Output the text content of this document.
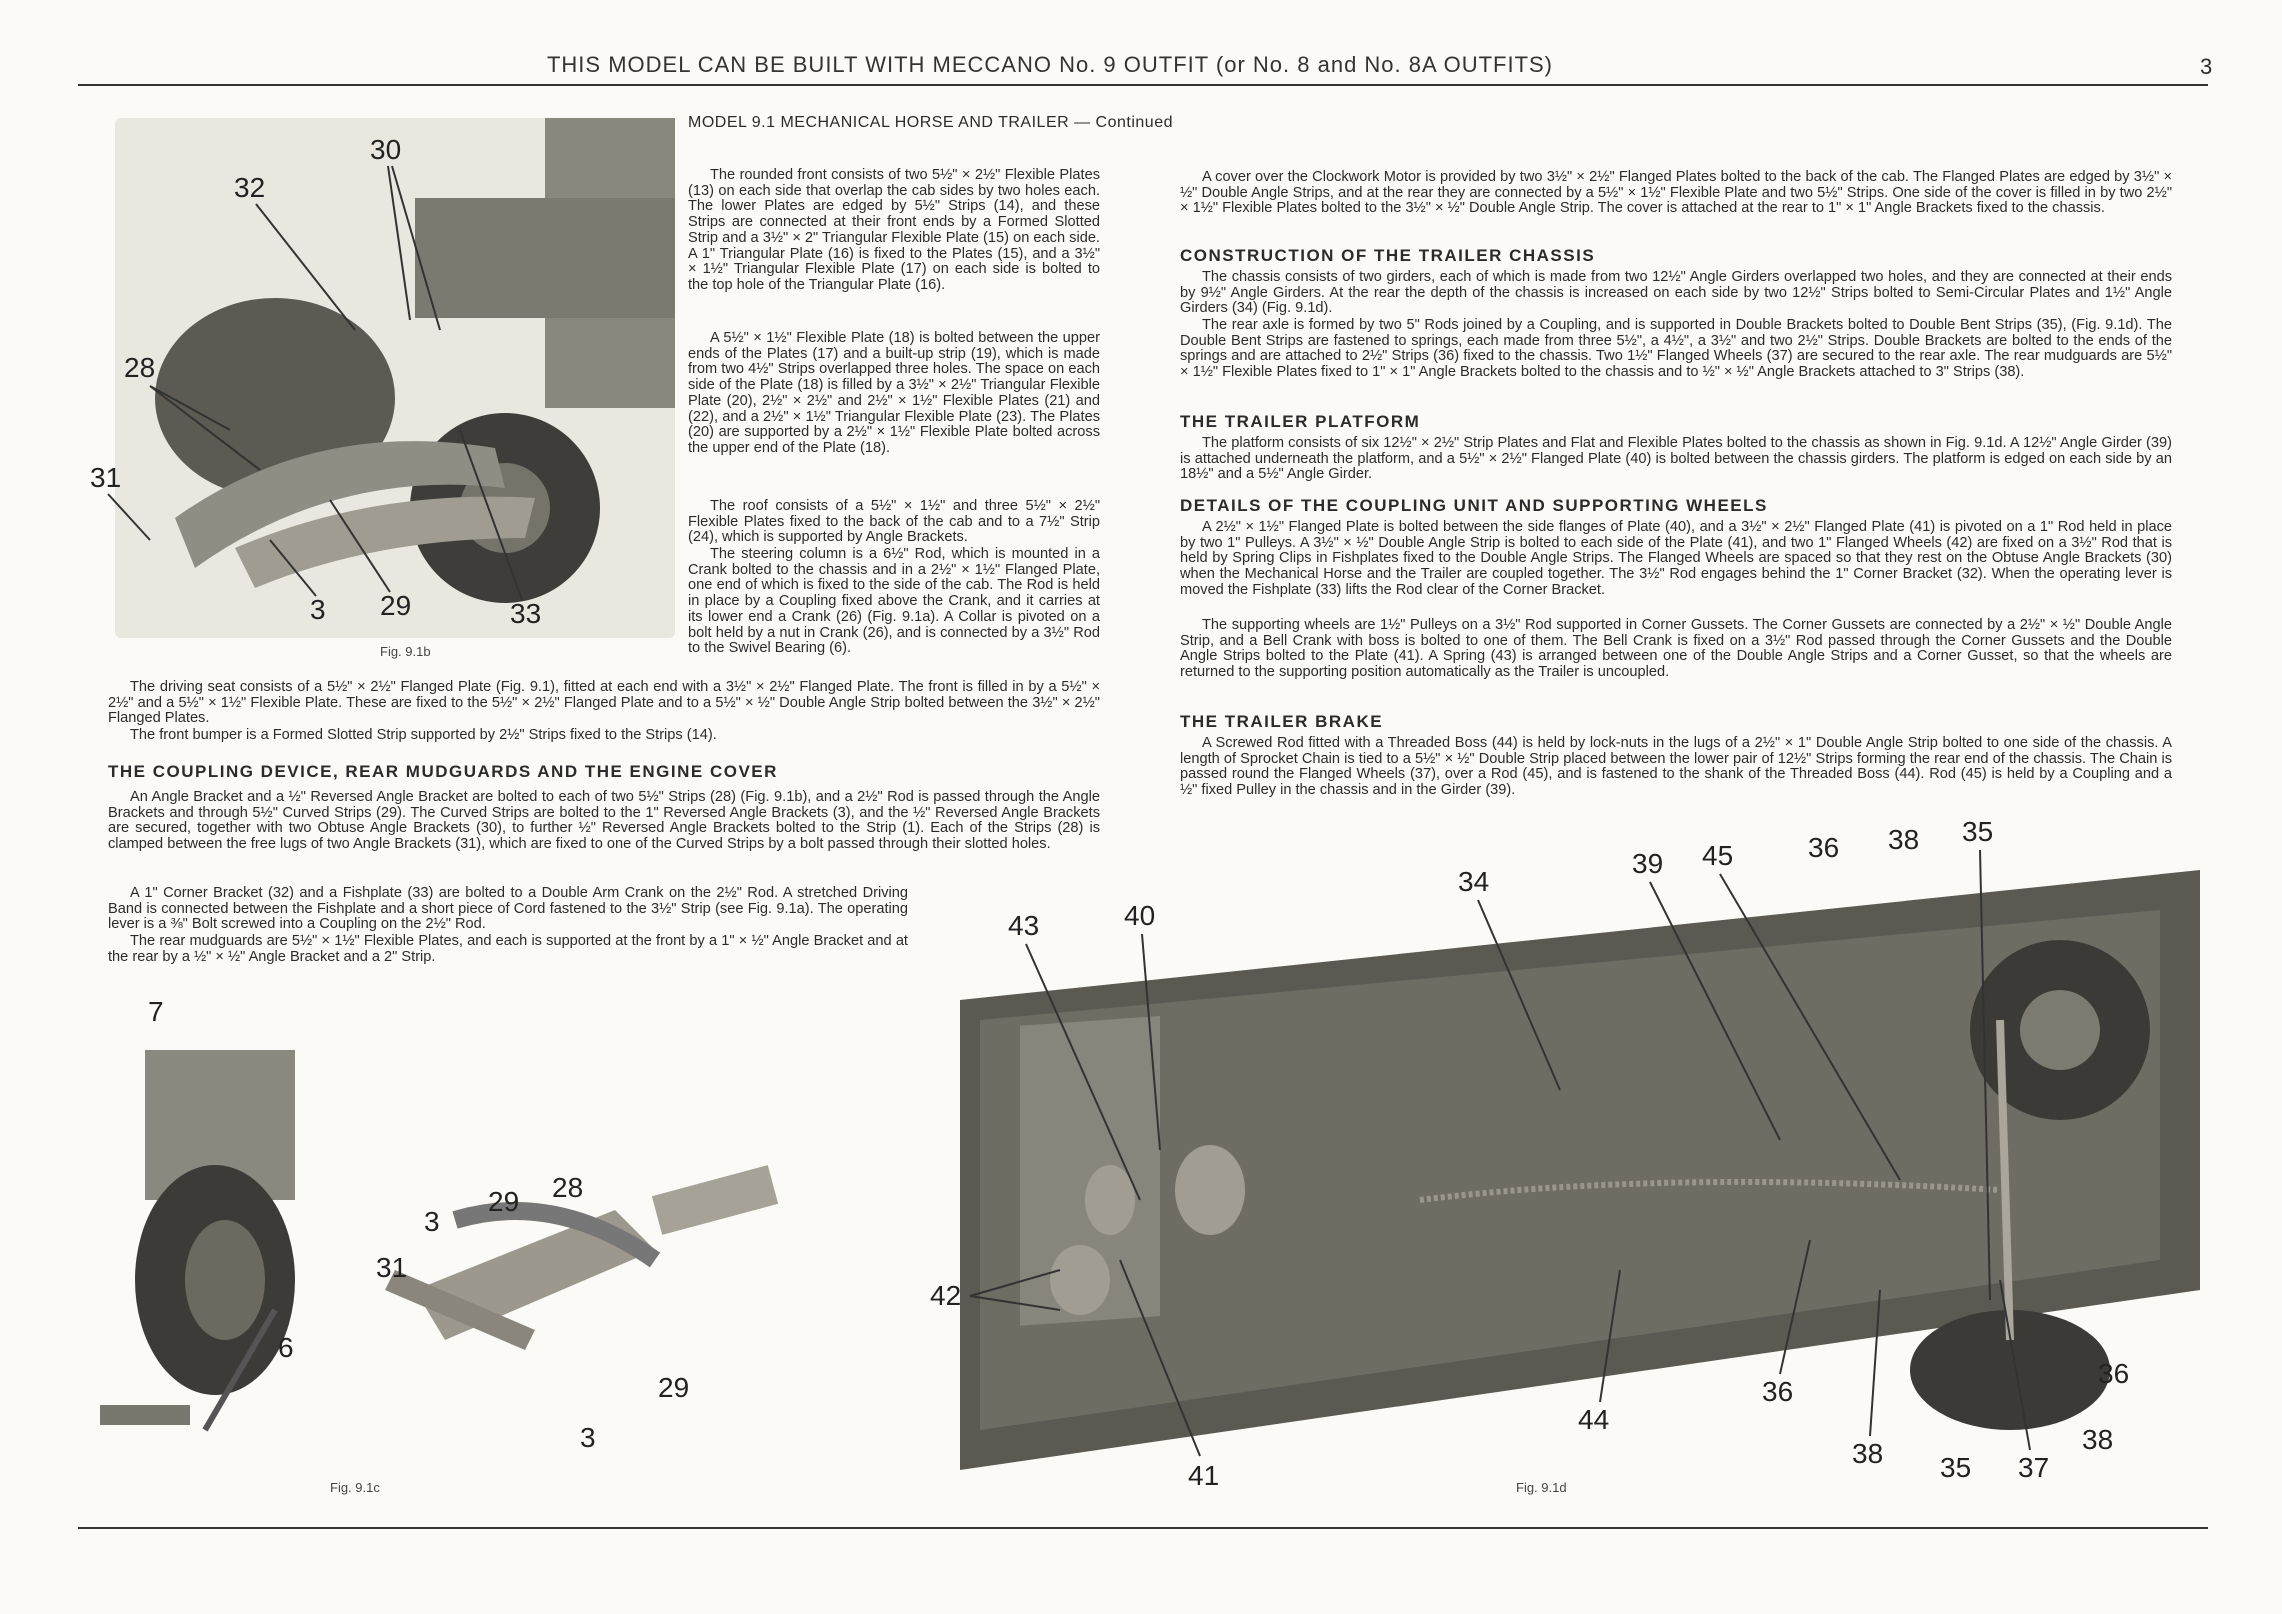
THIS MODEL CAN BE BUILT WITH MECCANO No. 9 OUTFIT (or No. 8 and No. 8A OUTFITS)	3
30
32
28
31
3 29	33
Fig. 9.1b
MODEL 9.1 MECHANICAL HORSE AND TRAILER — Continued

The rounded front consists of two 5½" × 2½" Flexible Plates (13) on each side that overlap the cab sides by two holes each. The lower Plates are edged by 5½" Strips (14), and these Strips are connected at their front ends by a Formed Slotted Strip and a 3½" × 2" Triangular Flexible Plate (15) on each side. A 1" Triangular Plate (16) is fixed to the Plates (15), and a 3½" × 1½" Triangular Flexible Plate (17) on each side is bolted to the top hole of the Triangular Plate (16).

A 5½" × 1½" Flexible Plate (18) is bolted between the upper ends of the Plates (17) and a built-up strip (19), which is made from two 4½" Strips overlapped three holes. The space on each side of the Plate (18) is filled by a 3½" × 2½" Triangular Flexible Plate (20), 2½" × 2½" and 2½" × 1½" Flexible Plates (21) and (22), and a 2½" × 1½" Triangular Flexible Plate (23). The Plates (20) are supported by a 2½" × 1½" Flexible Plate bolted across the upper end of the Plate (18).

The roof consists of a 5½" × 1½" and three 5½" × 2½" Flexible Plates fixed to the back of the cab and to a 7½" Strip (24), which is supported by Angle Brackets.

The steering column is a 6½" Rod, which is mounted in a Crank bolted to the chassis and in a 2½" × 1½" Flanged Plate, one end of which is fixed to the side of the cab. The Rod is held in place by a Coupling fixed above the Crank, and it carries at its lower end a Crank (26) (Fig. 9.1a). A Collar is pivoted on a bolt held by a nut in Crank (26), and is connected by a 3½" Rod to the Swivel Bearing (6).

The driving seat consists of a 5½" × 2½" Flanged Plate (Fig. 9.1), fitted at each end with a 3½" × 2½" Flanged Plate. The front is filled in by a 5½" × 2½" and a 5½" × 1½" Flexible Plate. These are fixed to the 5½" × 2½" Flanged Plate and to a 5½" × ½" Double Angle Strip bolted between the 3½" × 2½" Flanged Plates.

The front bumper is a Formed Slotted Strip supported by 2½" Strips fixed to the Strips (14).

THE COUPLING DEVICE, REAR MUDGUARDS AND THE ENGINE COVER

An Angle Bracket and a ½" Reversed Angle Bracket are bolted to each of two 5½" Strips (28) (Fig. 9.1b), and a 2½" Rod is passed through the Angle Brackets and through 5½" Curved Strips (29). The Curved Strips are bolted to the 1" Reversed Angle Brackets (3), and the ½" Reversed Angle Brackets are secured, together with two Obtuse Angle Brackets (30), to further ½" Reversed Angle Brackets bolted to the Strip (1). Each of the Strips (28) is clamped between the free lugs of two Angle Brackets (31), which are fixed to one of the Curved Strips by a bolt passed through their slotted holes.

A 1" Corner Bracket (32) and a Fishplate (33) are bolted to a Double Arm Crank on the 2½" Rod. A stretched Driving Band is connected between the Fishplate and a short piece of Cord fastened to the 3½" Strip (see Fig. 9.1a). The operating lever is a ⅜" Bolt screwed into a Coupling on the 2½" Rod.

The rear mudguards are 5½" × 1½" Flexible Plates, and each is supported at the front by a 1" × ½" Angle Bracket and at the rear by a ½" × ½" Angle Bracket and a 2" Strip.

A cover over the Clockwork Motor is provided by two 3½" × 2½" Flanged Plates bolted to the back of the cab. The Flanged Plates are edged by 3½" × ½" Double Angle Strips, and at the rear they are connected by a 5½" × 1½" Flexible Plate and two 5½" Strips. One side of the cover is filled in by two 2½" × 1½" Flexible Plates bolted to the 3½" × ½" Double Angle Strip. The cover is attached at the rear to 1" × 1" Angle Brackets fixed to the chassis.

CONSTRUCTION OF THE TRAILER CHASSIS

The chassis consists of two girders, each of which is made from two 12½" Angle Girders overlapped two holes, and they are connected at their ends by 9½" Angle Girders. At the rear the depth of the chassis is increased on each side by two 12½" Strips bolted to Semi-Circular Plates and 1½" Angle Girders (34) (Fig. 9.1d).

The rear axle is formed by two 5" Rods joined by a Coupling, and is supported in Double Brackets bolted to Double Bent Strips (35), (Fig. 9.1d). The Double Bent Strips are fastened to springs, each made from three 5½", a 4½", a 3½" and two 2½" Strips. Double Brackets are bolted to the ends of the springs and are attached to 2½" Strips (36) fixed to the chassis. Two 1½" Flanged Wheels (37) are secured to the rear axle. The rear mudguards are 5½" × 1½" Flexible Plates fixed to 1" × 1" Angle Brackets bolted to the chassis and to ½" × ½" Angle Brackets attached to 3" Strips (38).

THE TRAILER PLATFORM

The platform consists of six 12½" × 2½" Strip Plates and Flat and Flexible Plates bolted to the chassis as shown in Fig. 9.1d. A 12½" Angle Girder (39) is attached underneath the platform, and a 5½" × 2½" Flanged Plate (40) is bolted between the chassis girders. The platform is edged on each side by an 18½" and a 5½" Angle Girder.

DETAILS OF THE COUPLING UNIT AND SUPPORTING WHEELS

A 2½" × 1½" Flanged Plate is bolted between the side flanges of Plate (40), and a 3½" × 2½" Flanged Plate (41) is pivoted on a 1" Rod held in place by two 1" Pulleys. A 3½" × ½" Double Angle Strip is bolted to each side of the Plate (41), and two 1" Flanged Wheels (42) are fixed on a 3½" Rod that is held by Spring Clips in Fishplates fixed to the Double Angle Strips. The Flanged Wheels are spaced so that they rest on the Obtuse Angle Brackets (30) when the Mechanical Horse and the Trailer are coupled together. The 3½" Rod engages behind the 1" Corner Bracket (32). When the operating lever is moved the Fishplate (33) lifts the Rod clear of the Corner Bracket.

The supporting wheels are 1½" Pulleys on a 3½" Rod supported in Corner Gussets. The Corner Gussets are connected by a 2½" × ½" Double Angle Strip, and a Bell Crank with boss is bolted to one of them. The Bell Crank is fixed on a 3½" Rod passed through the Corner Gussets and the Double Angle Strips bolted to the Plate (41). A Spring (43) is arranged between one of the Double Angle Strips and a Corner Gusset, so that the wheels are returned to the supporting position automatically as the Trailer is uncoupled.

THE TRAILER BRAKE

A Screwed Rod fitted with a Threaded Boss (44) is held by lock-nuts in the lugs of a 2½" × 1" Double Angle Strip bolted to one side of the chassis. A length of Sprocket Chain is tied to a 5½" × ½" Double Strip placed between the lower pair of 12½" Strips forming the rear end of the chassis. The Chain is passed round the Flanged Wheels (37), over a Rod (45), and is fastened to the shank of the Threaded Boss (44). Rod (45) is held by a Coupling and a ½" fixed Pulley in the chassis and in the Girder (39).

7
6
3
29 28
31
29
3
Fig. 9.1c
34
39 45	36 38 35
43	40
42
44
41
36
38 35 37
38
36
Fig. 9.1d
